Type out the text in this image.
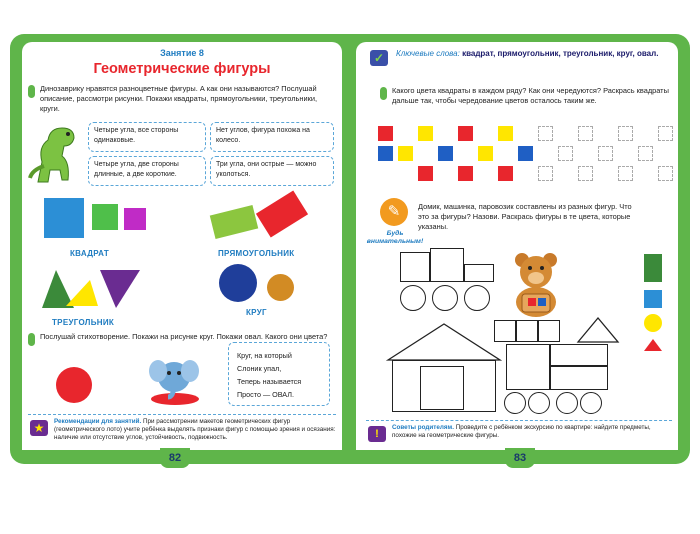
Занятие 8
Геометрические фигуры
Динозаврику нравятся разноцветные фигуры. А как они называются? Послушай описание, рассмотри рисунки. Покажи квадраты, прямоугольники, треугольники, круги.
Четыре угла, все стороны одинаковые.
Нет углов, фигура похожа на колесо.
Четыре угла, две стороны длинные, а две короткие.
Три угла, они острые — можно уколоться.
КВАДРАТ	ПРЯМОУГОЛЬНИК
ТРЕУГОЛЬНИК
КРУГ
Послушай стихотворение. Покажи на рисунке круг. Покажи овал. Какого они цвета?
Круг, на который
Слоник упал,
Теперь называется
Просто — ОВАЛ.
★	Рекомендации для занятий. При рассмотрении макетов геометрических фигур (геометрического лото) учите ребёнка выделять признаки фигур с помощью зрения и осязания: наличие или отсутствие углов, устойчивость, подвижность.
82
✓	Ключевые слова: квадрат, прямоугольник, треугольник, круг, овал.
Какого цвета квадраты в каждом ряду? Как они чередуются? Раскрась квадраты дальше так, чтобы чередование цветов осталось таким же.
✎
Будь внимательным!
Домик, машинка, паровозик составлены из разных фигур. Что это за фигуры? Назови. Раскрась фигуры в те цвета, которые указаны.
!
Советы родителям. Проведите с ребёнком экскурсию по квартире: найдите предметы, похожие на геометрические фигуры.
83
